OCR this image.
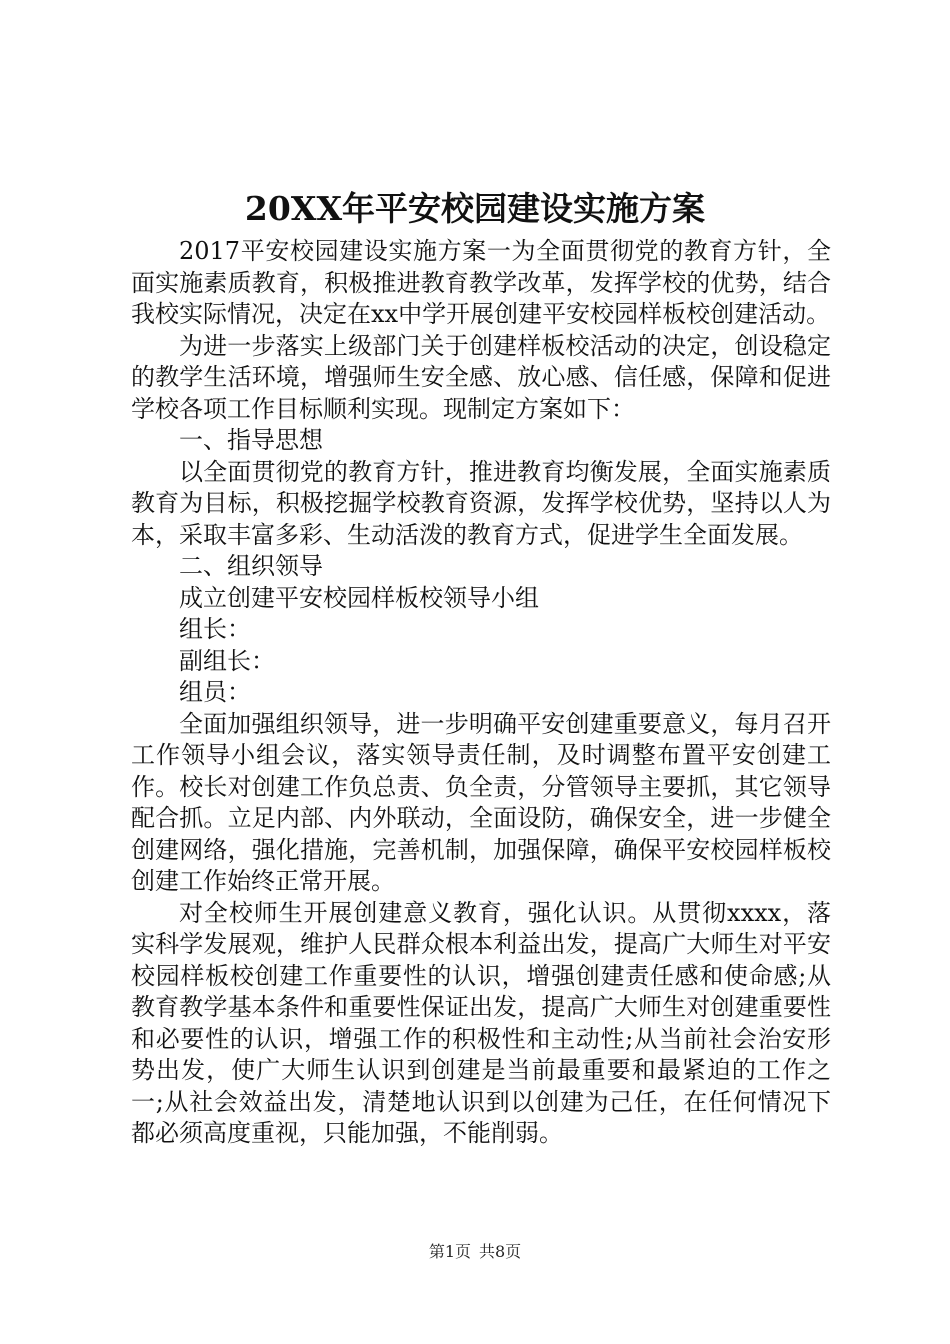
20XX年平安校园建设实施方案

2017平安校园建设实施方案一为全面贯彻党的教育方针，全面实施素质教育，积极推进教育教学改革，发挥学校的优势，结合我校实际情况，决定在xx中学开展创建平安校园样板校创建活动。

为进一步落实上级部门关于创建样板校活动的决定，创设稳定的教学生活环境，增强师生安全感、放心感、信任感，保障和促进学校各项工作目标顺利实现。现制定方案如下：

一、指导思想

以全面贯彻党的教育方针，推进教育均衡发展，全面实施素质教育为目标，积极挖掘学校教育资源，发挥学校优势，坚持以人为本，采取丰富多彩、生动活泼的教育方式，促进学生全面发展。

二、组织领导

成立创建平安校园样板校领导小组

组长：

副组长：

组员：

全面加强组织领导，进一步明确平安创建重要意义，每月召开工作领导小组会议，落实领导责任制，及时调整布置平安创建工作。校长对创建工作负总责、负全责，分管领导主要抓，其它领导配合抓。立足内部、内外联动，全面设防，确保安全，进一步健全创建网络，强化措施，完善机制，加强保障，确保平安校园样板校创建工作始终正常开展。

对全校师生开展创建意义教育，强化认识。从贯彻xxxx，落实科学发展观，维护人民群众根本利益出发，提高广大师生对平安校园样板校创建工作重要性的认识，增强创建责任感和使命感;从教育教学基本条件和重要性保证出发，提高广大师生对创建重要性和必要性的认识，增强工作的积极性和主动性;从当前社会治安形势出发，使广大师生认识到创建是当前最重要和最紧迫的工作之一;从社会效益出发，清楚地认识到以创建为己任，在任何情况下都必须高度重视，只能加强，不能削弱。

第1页 共8页
